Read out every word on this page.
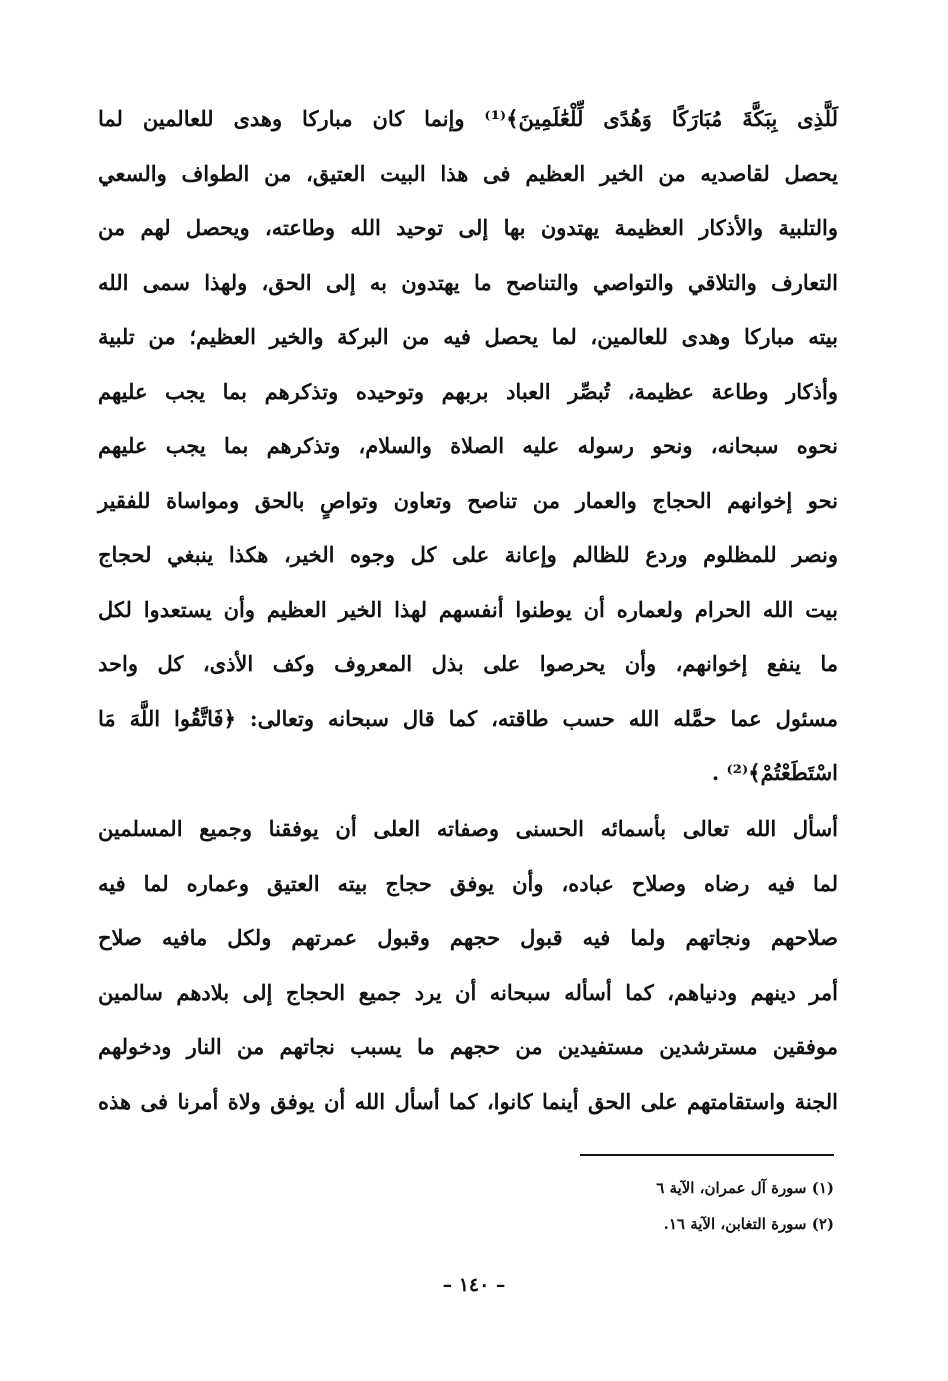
لَلَّذِى بِبَكَّةَ مُبَارَكًا وَهُدًى لِّلْعَٰلَمِينَ﴾⁽¹⁾ وإنما كان مباركا وهدى للعالمين لما
يحصل لقاصديه من الخير العظيم فى هذا البيت العتيق، من الطواف والسعي
والتلبية والأذكار العظيمة يهتدون بها إلى توحيد الله وطاعته، ويحصل لهم من
التعارف والتلاقي والتواصي والتناصح ما يهتدون به إلى الحق، ولهذا سمى الله
بيته مباركا وهدى للعالمين، لما يحصل فيه من البركة والخير العظيم؛ من تلبية
وأذكار وطاعة عظيمة، تُبصِّر العباد بربهم وتوحيده وتذكرهم بما يجب عليهم
نحوه سبحانه، ونحو رسوله عليه الصلاة والسلام، وتذكرهم بما يجب عليهم
نحو إخوانهم الحجاج والعمار من تناصح وتعاون وتواصٍ بالحق ومواساة للفقير
ونصر للمظلوم وردع للظالم وإعانة على كل وجوه الخير، هكذا ينبغي لحجاج
بيت الله الحرام ولعماره أن يوطنوا أنفسهم لهذا الخير العظيم وأن يستعدوا لكل
ما ينفع إخوانهم، وأن يحرصوا على بذل المعروف وكف الأذى، كل واحد
مسئول عما حمَّله الله حسب طاقته، كما قال سبحانه وتعالى: ﴿فَاتَّقُوا اللَّهَ مَا
اسْتَطَعْتُمْ﴾⁽²⁾ .
أسأل الله تعالى بأسمائه الحسنى وصفاته العلى أن يوفقنا وجميع المسلمين
لما فيه رضاه وصلاح عباده، وأن يوفق حجاج بيته العتيق وعماره لما فيه
صلاحهم ونجاتهم ولما فيه قبول حجهم وقبول عمرتهم ولكل مافيه صلاح
أمر دينهم ودنياهم، كما أسأله سبحانه أن يرد جميع الحجاج إلى بلادهم سالمين
موفقين مسترشدين مستفيدين من حجهم ما يسبب نجاتهم من النار ودخولهم
الجنة واستقامتهم على الحق أينما كانوا، كما أسأل الله أن يوفق ولاة أمرنا فى هذه
(١) سورة آل عمران، الآية ٦
(٢) سورة التغابن، الآية ١٦.
– ١٤٠ –
